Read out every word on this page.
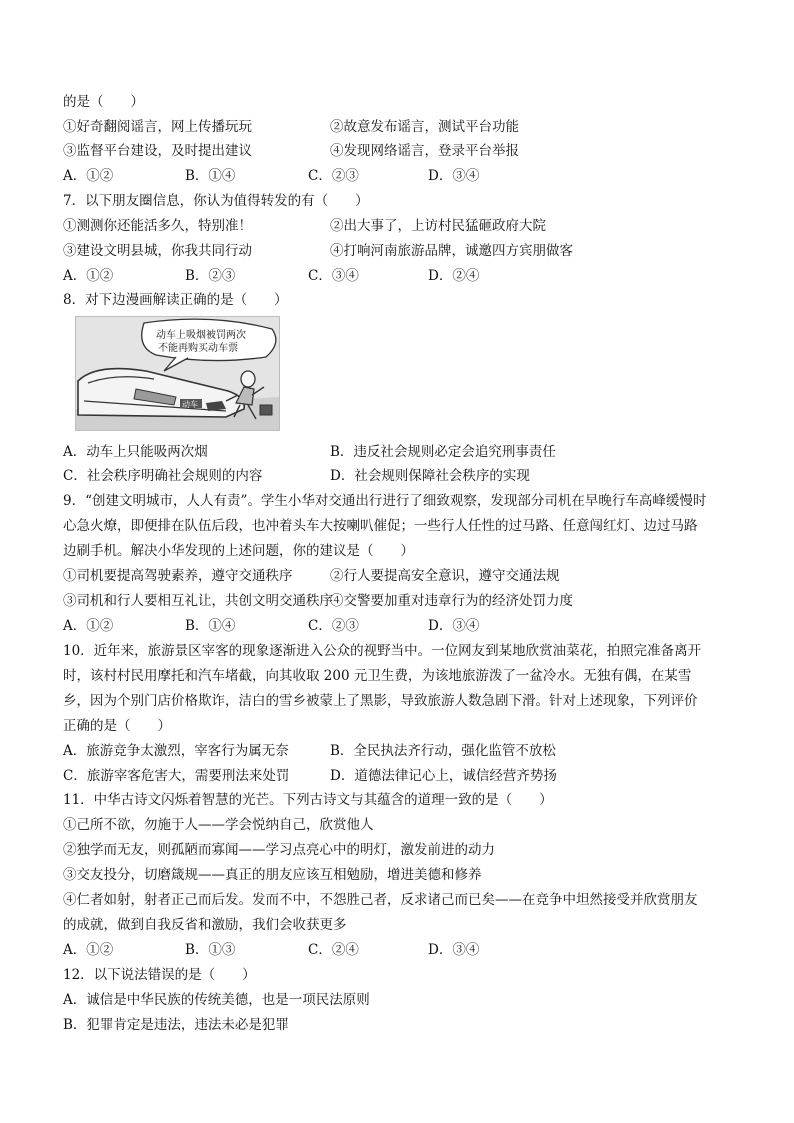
的是（　　）
①好奇翻阅谣言，网上传播玩玩	②故意发布谣言，测试平台功能
③监督平台建设，及时提出建议	④发现网络谣言，登录平台举报
A．①②	B．①④	C．②③	D．③④
7．以下朋友圈信息，你认为值得转发的有（　　）
①测测你还能活多久，特别准！	②出大事了，上访村民猛砸政府大院
③建设文明县城，你我共同行动	④打响河南旅游品牌，诚邀四方宾朋做客
A．①②	B．②③	C．③④	D．②④
8．对下边漫画解读正确的是（　　）
A．动车上只能吸两次烟	B．违反社会规则必定会追究刑事责任
C．社会秩序明确社会规则的内容	D．社会规则保障社会秩序的实现
9．“创建文明城市，人人有责”。学生小华对交通出行进行了细致观察，发现部分司机在早晚行车高峰缓慢时
心急火燎，即便排在队伍后段，也冲着头车大按喇叭催促；一些行人任性的过马路、任意闯红灯、边过马路
边刷手机。解决小华发现的上述问题，你的建议是（　　）
①司机要提高驾驶素养，遵守交通秩序	②行人要提高安全意识，遵守交通法规
③司机和行人要相互礼让，共创文明交通秩序
④交警要加重对违章行为的经济处罚力度
A．①②	B．①④	C．②③	D．③④
10．近年来，旅游景区宰客的现象逐渐进入公众的视野当中。一位网友到某地欣赏油菜花，拍照完准备离开
时，该村村民用摩托和汽车堵截，向其收取 200 元卫生费，为该地旅游泼了一盆冷水。无独有偶，在某雪
乡，因为个别门店价格欺诈，洁白的雪乡被蒙上了黑影，导致旅游人数急剧下滑。针对上述现象，下列评价
正确的是（　　）
A．旅游竞争太激烈，宰客行为属无奈	B．全民执法齐行动，强化监管不放松
C．旅游宰客危害大，需要刑法来处罚	D．道德法律记心上，诚信经营齐势扬
11．中华古诗文闪烁着智慧的光芒。下列古诗文与其蕴含的道理一致的是（　　）
①己所不欲，勿施于人——学会悦纳自己，欣赏他人
②独学而无友，则孤陋而寡闻——学习点亮心中的明灯，激发前进的动力
③交友投分，切磨箴规——真正的朋友应该互相勉励，增进美德和修养
④仁者如射，射者正己而后发。发而不中，不怨胜己者，反求诸己而已矣——在竞争中坦然接受并欣赏朋友
的成就，做到自我反省和激励，我们会收获更多
A．①②	B．①③	C．②④	D．③④
12．以下说法错误的是（　　）
A．诚信是中华民族的传统美德，也是一项民法原则
B．犯罪肯定是违法，违法未必是犯罪
动车
动车上吸烟被罚两次
不能再购买动车票
